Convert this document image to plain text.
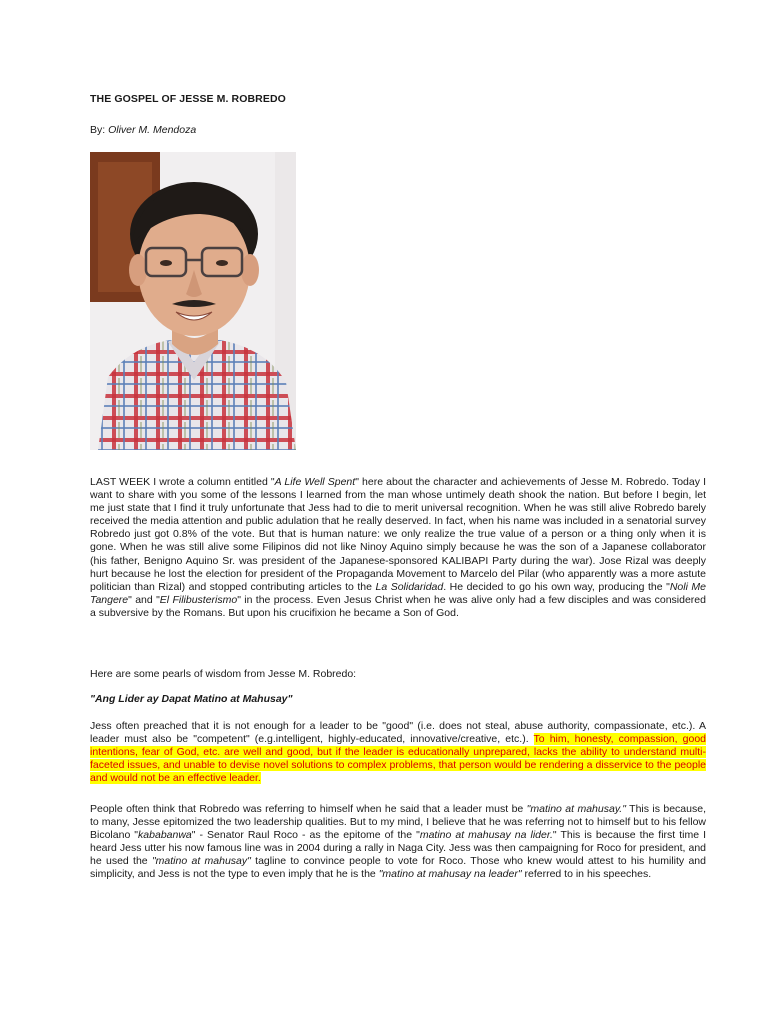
THE GOSPEL OF JESSE M. ROBREDO
By: Oliver M. Mendoza

LAST WEEK I wrote a column entitled "A Life Well Spent" here about the character and achievements of Jesse M. Robredo. Today I want to share with you some of the lessons I learned from the man whose untimely death shook the nation. But before I begin, let me just state that I find it truly unfortunate that Jess had to die to merit universal recognition. When he was still alive Robredo barely received the media attention and public adulation that he really deserved. In fact, when his name was included in a senatorial survey Robredo just got 0.8% of the vote. But that is human nature: we only realize the true value of a person or a thing only when it is gone. When he was still alive some Filipinos did not like Ninoy Aquino simply because he was the son of a Japanese collaborator (his father, Benigno Aquino Sr. was president of the Japanese-sponsored KALIBAPI Party during the war). Jose Rizal was deeply hurt because he lost the election for president of the Propaganda Movement to Marcelo del Pilar (who apparently was a more astute politician than Rizal) and stopped contributing articles to the La Solidaridad. He decided to go his own way, producing the "Noli Me Tangere" and "El Filibusterismo" in the process. Even Jesus Christ when he was alive only had a few disciples and was considered a subversive by the Romans. But upon his crucifixion he became a Son of God.

Here are some pearls of wisdom from Jesse M. Robredo:

"Ang Lider ay Dapat Matino at Mahusay"

Jess often preached that it is not enough for a leader to be "good" (i.e. does not steal, abuse authority, compassionate, etc.). A leader must also be "competent" (e.g.intelligent, highly-educated, innovative/creative, etc.). To him, honesty, compassion, good intentions, fear of God, etc. are well and good, but if the leader is educationally unprepared, lacks the ability to understand multi-faceted issues, and unable to devise novel solutions to complex problems, that person would be rendering a disservice to the people and would not be an effective leader.

People often think that Robredo was referring to himself when he said that a leader must be "matino at mahusay." This is because, to many, Jesse epitomized the two leadership qualities. But to my mind, I believe that he was referring not to himself but to his fellow Bicolano "kababanwa" - Senator Raul Roco - as the epitome of the "matino at mahusay na lider." This is because the first time I heard Jess utter his now famous line was in 2004 during a rally in Naga City. Jess was then campaigning for Roco for president, and he used the "matino at mahusay" tagline to convince people to vote for Roco. Those who knew would attest to his humility and simplicity, and Jess is not the type to even imply that he is the "matino at mahusay na leader" referred to in his speeches.
